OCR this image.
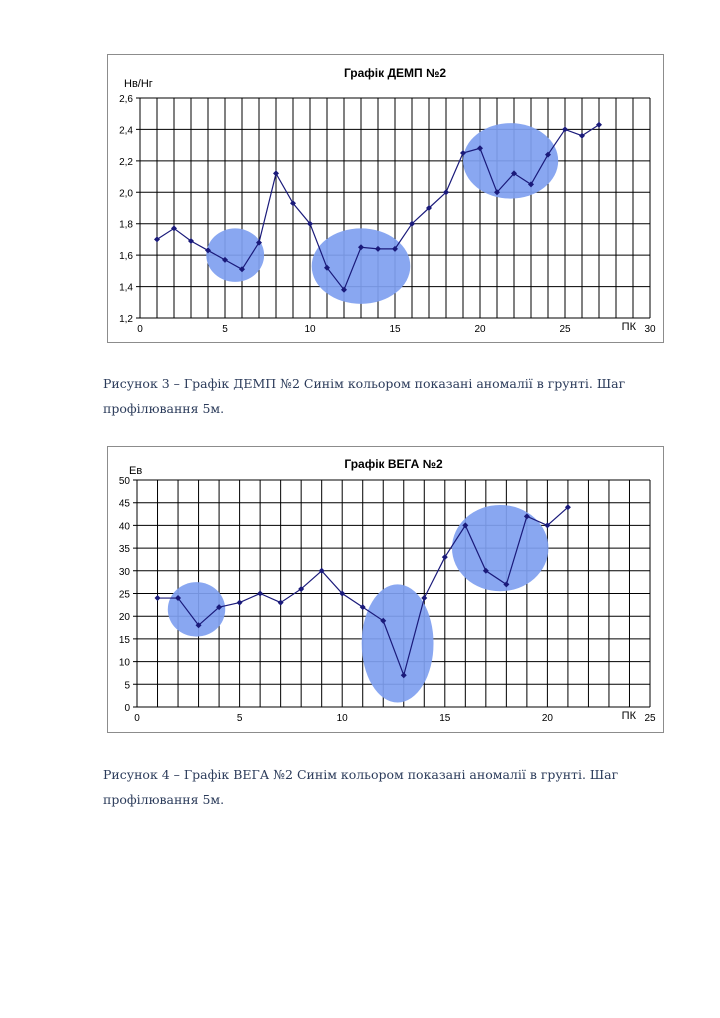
Графік ДЕМП №2
Нв/Нг
1,2
1,4
1,6
1,8
2,0
2,2
2,4
2,6
0	5	10	15	20	25	30
ПК

Рисунок 3 – Графік ДЕМП №2 Синім кольором показані аномалії в грунті. Шаг
профілювання 5м.

Графік ВЕГА №2
Ев
0
5
10
15
20
25
30
35
40
45
50
0	5	10	15	20	25
ПК

Рисунок 4 – Графік ВЕГА №2 Синім кольором показані аномалії в грунті. Шаг
профілювання 5м.
